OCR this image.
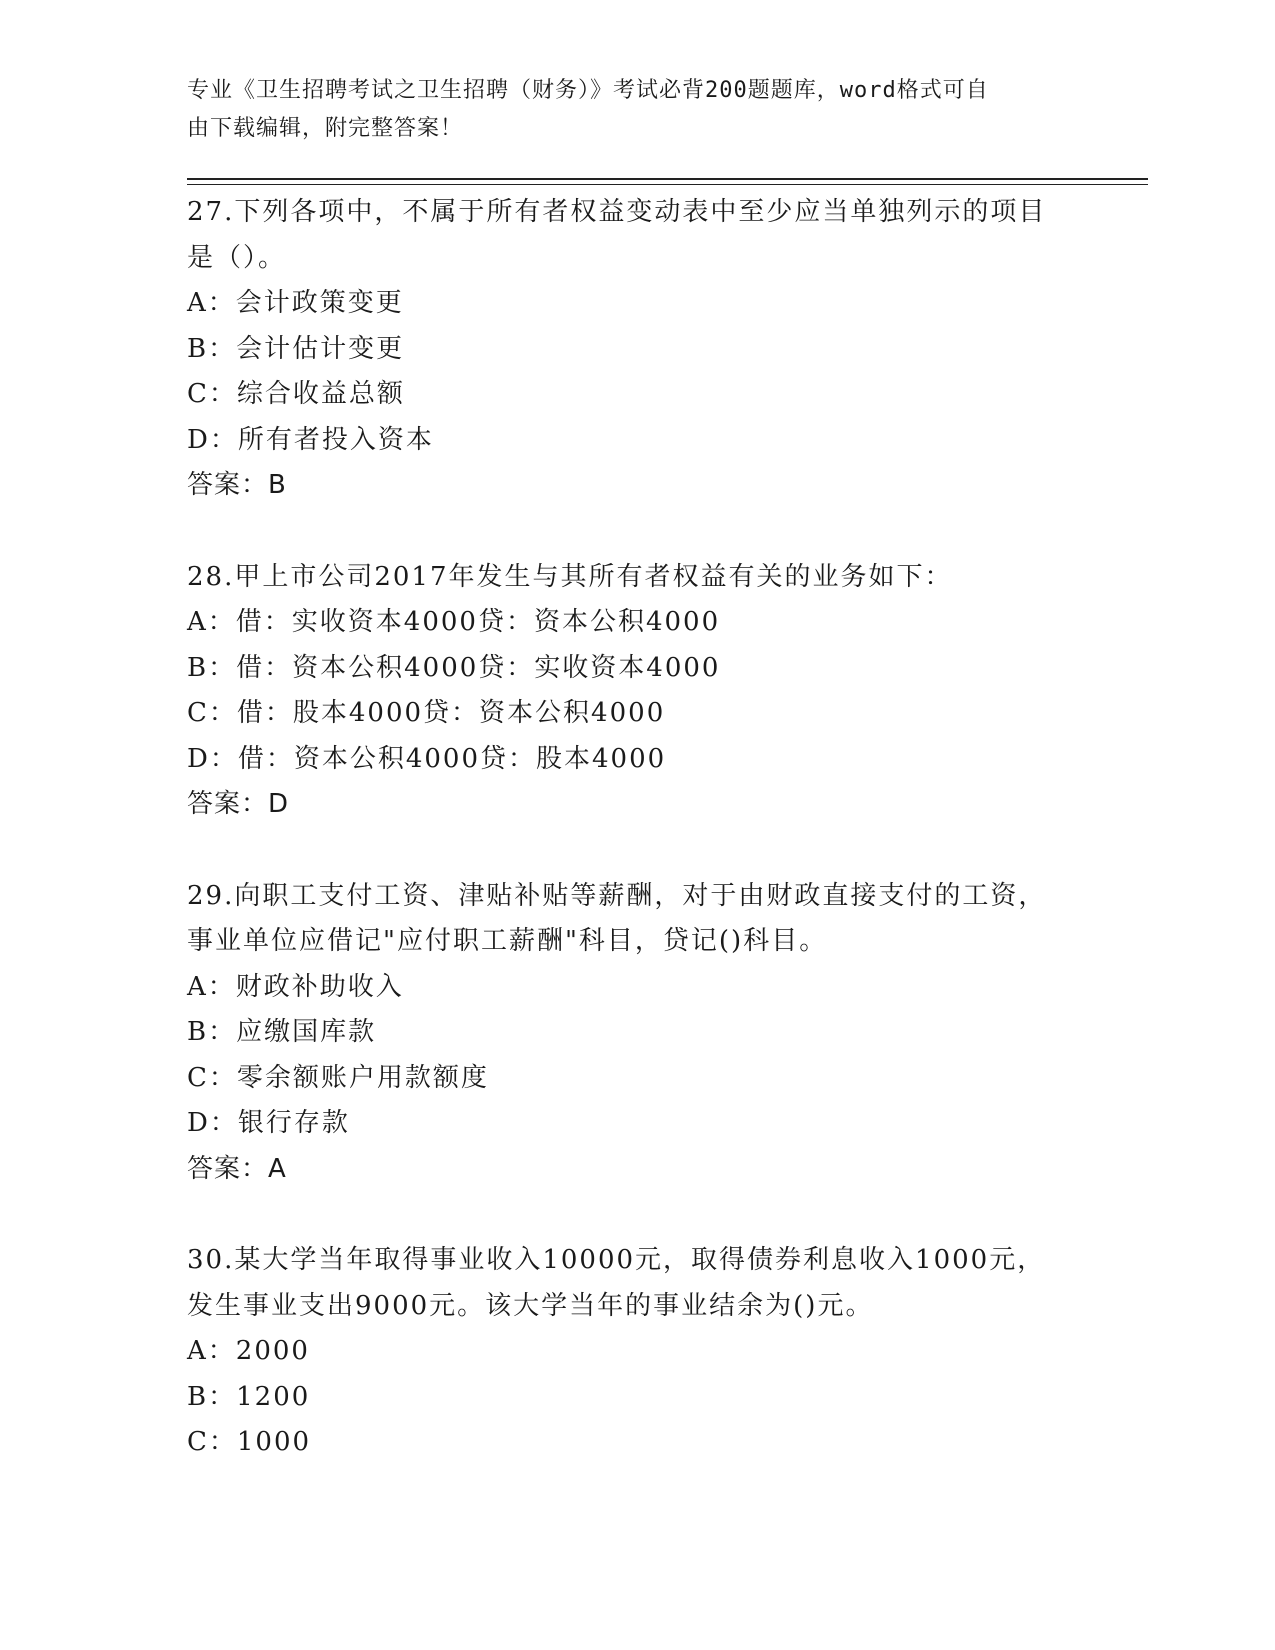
专业《卫生招聘考试之卫生招聘（财务）》考试必背200题题库，word格式可自
由下载编辑，附完整答案！
27.下列各项中，不属于所有者权益变动表中至少应当单独列示的项目
是（）。
A：会计政策变更
B：会计估计变更
C：综合收益总额
D：所有者投入资本
答案：B
28.甲上市公司2017年发生与其所有者权益有关的业务如下：
A：借：实收资本4000贷：资本公积4000
B：借：资本公积4000贷：实收资本4000
C：借：股本4000贷：资本公积4000
D：借：资本公积4000贷：股本4000
答案：D
29.向职工支付工资、津贴补贴等薪酬，对于由财政直接支付的工资，
事业单位应借记"应付职工薪酬"科目，贷记()科目。
A：财政补助收入
B：应缴国库款
C：零余额账户用款额度
D：银行存款
答案：A
30.某大学当年取得事业收入10000元，取得债券利息收入1000元，
发生事业支出9000元。该大学当年的事业结余为()元。
A：2000
B：1200
C：1000
